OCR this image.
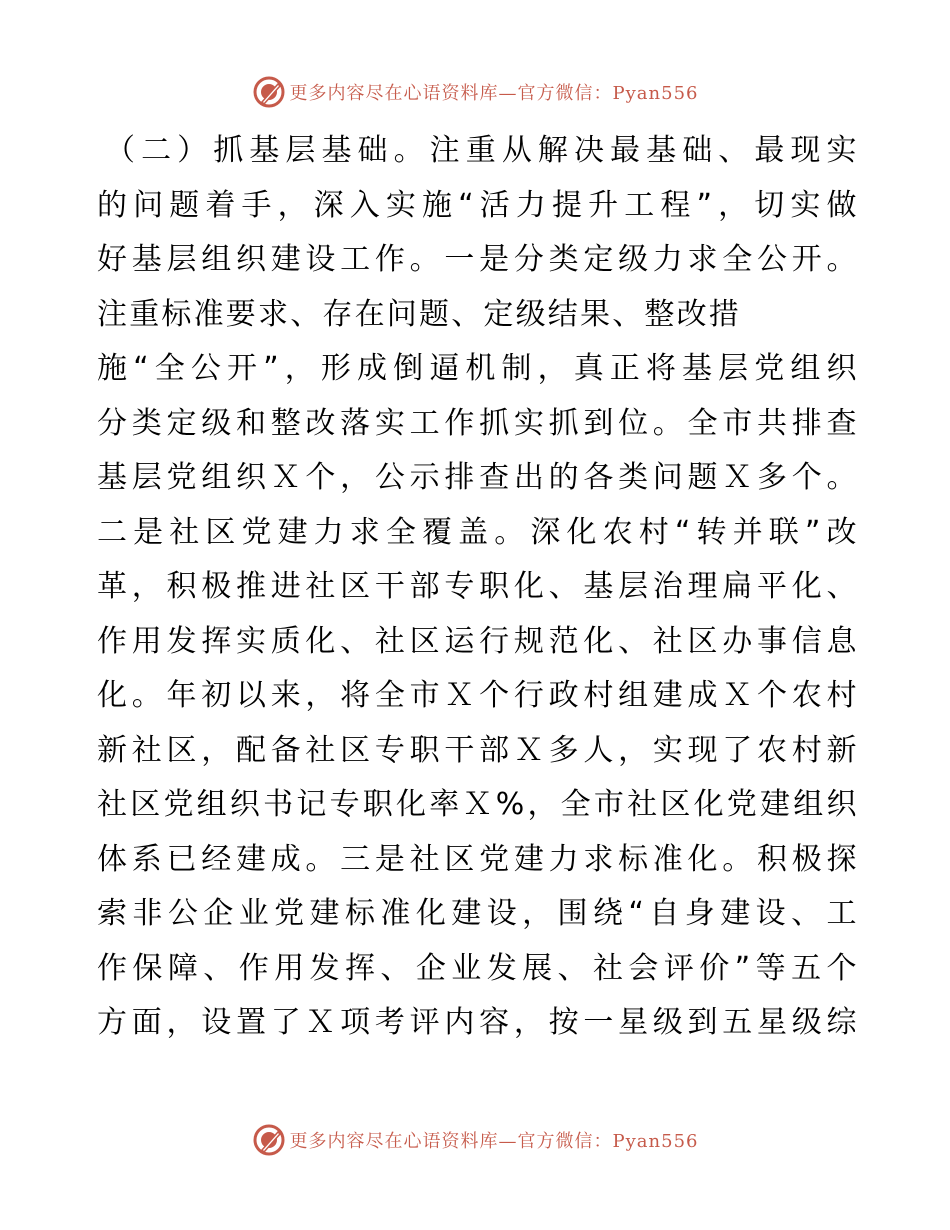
更多内容尽在心语资料库—官方微信：Pyan556
（二）抓基层基础。注重从解决最基础、最现实
的问题着手，深入实施“活力提升工程”，切实做
好基层组织建设工作。一是分类定级力求全公开。
注重标准要求、存在问题、定级结果、整改措
施“全公开”，形成倒逼机制，真正将基层党组织
分类定级和整改落实工作抓实抓到位。全市共排查
基层党组织Ｘ个，公示排查出的各类问题Ｘ多个。
二是社区党建力求全覆盖。深化农村“转并联”改
革，积极推进社区干部专职化、基层治理扁平化、
作用发挥实质化、社区运行规范化、社区办事信息
化。年初以来，将全市Ｘ个行政村组建成Ｘ个农村
新社区，配备社区专职干部Ｘ多人，实现了农村新
社区党组织书记专职化率Ｘ%，全市社区化党建组织
体系已经建成。三是社区党建力求标准化。积极探
索非公企业党建标准化建设，围绕“自身建设、工
作保障、作用发挥、企业发展、社会评价”等五个
方面，设置了Ｘ项考评内容，按一星级到五星级综
更多内容尽在心语资料库—官方微信：Pyan556
